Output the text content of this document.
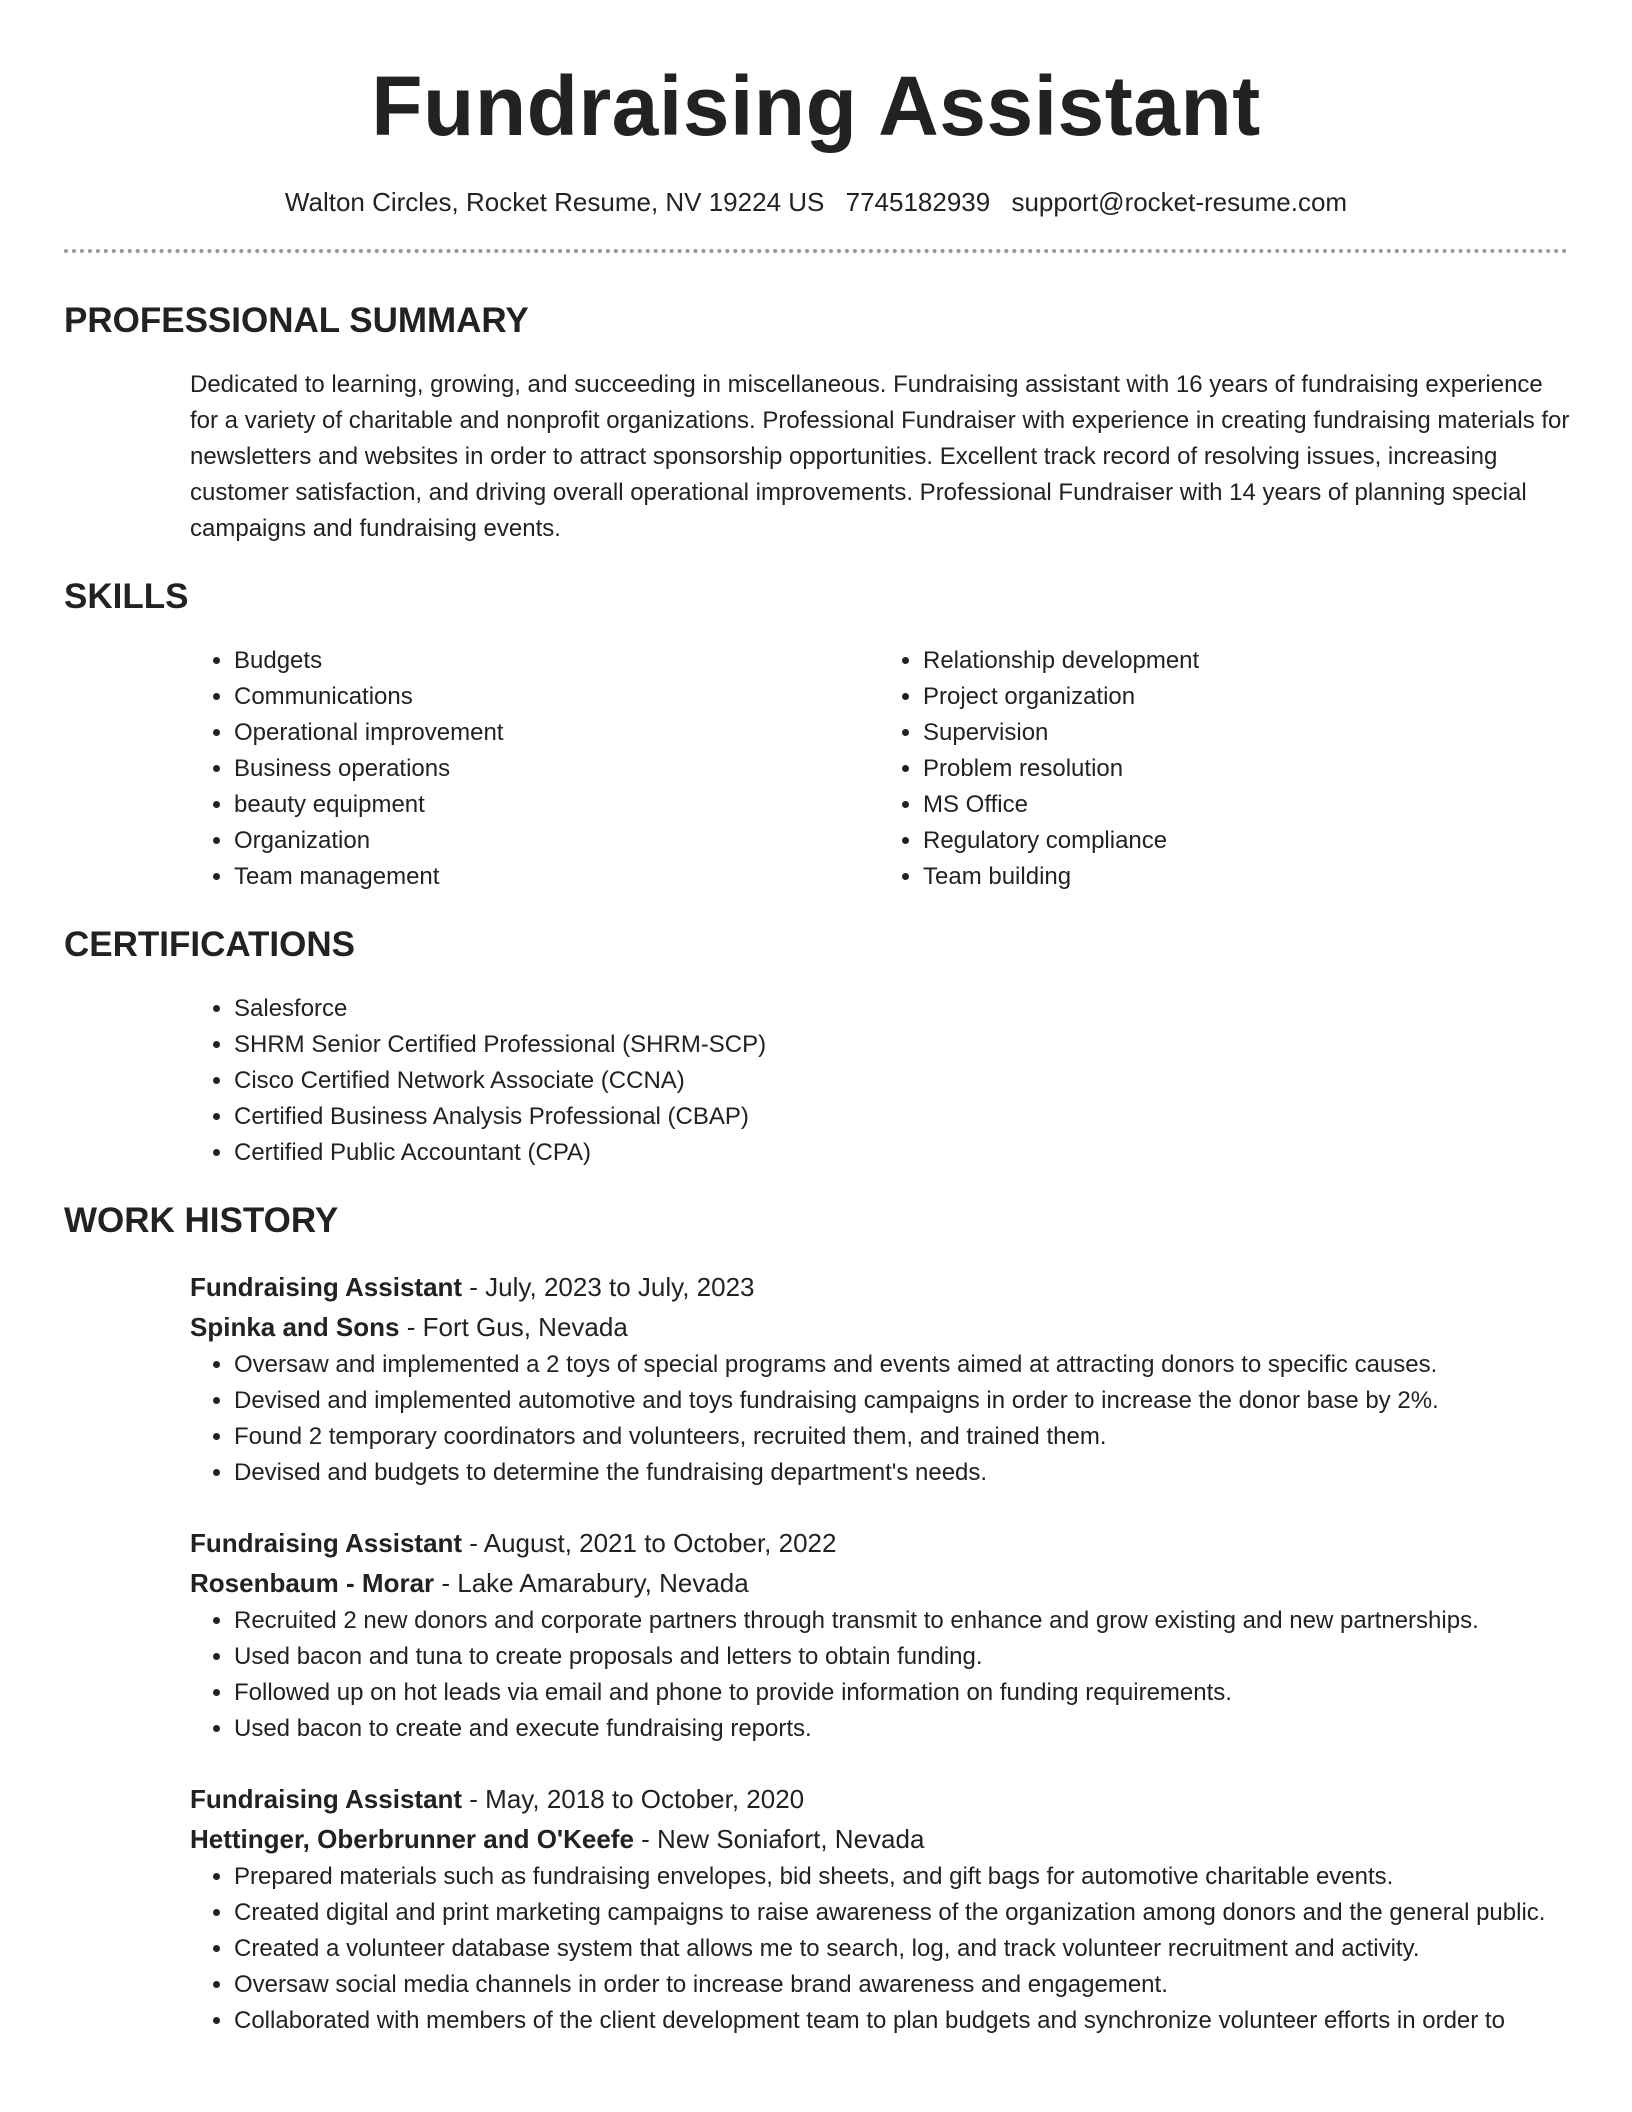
Fundraising Assistant
Walton Circles, Rocket Resume, NV 19224 US 7745182939 support@rocket-resume.com
PROFESSIONAL SUMMARY
Dedicated to learning, growing, and succeeding in miscellaneous. Fundraising assistant with 16 years of fundraising experience for a variety of charitable and nonprofit organizations. Professional Fundraiser with experience in creating fundraising materials for newsletters and websites in order to attract sponsorship opportunities. Excellent track record of resolving issues, increasing customer satisfaction, and driving overall operational improvements. Professional Fundraiser with 14 years of planning special campaigns and fundraising events.
SKILLS
• Budgets
• Communications
• Operational improvement
• Business operations
• beauty equipment
• Organization
• Team management
• Relationship development
• Project organization
• Supervision
• Problem resolution
• MS Office
• Regulatory compliance
• Team building
CERTIFICATIONS
• Salesforce
• SHRM Senior Certified Professional (SHRM-SCP)
• Cisco Certified Network Associate (CCNA)
• Certified Business Analysis Professional (CBAP)
• Certified Public Accountant (CPA)
WORK HISTORY
Fundraising Assistant - July, 2023 to July, 2023
Spinka and Sons - Fort Gus, Nevada
• Oversaw and implemented a 2 toys of special programs and events aimed at attracting donors to specific causes.
• Devised and implemented automotive and toys fundraising campaigns in order to increase the donor base by 2%.
• Found 2 temporary coordinators and volunteers, recruited them, and trained them.
• Devised and budgets to determine the fundraising department's needs.
Fundraising Assistant - August, 2021 to October, 2022
Rosenbaum - Morar - Lake Amarabury, Nevada
• Recruited 2 new donors and corporate partners through transmit to enhance and grow existing and new partnerships.
• Used bacon and tuna to create proposals and letters to obtain funding.
• Followed up on hot leads via email and phone to provide information on funding requirements.
• Used bacon to create and execute fundraising reports.
Fundraising Assistant - May, 2018 to October, 2020
Hettinger, Oberbrunner and O'Keefe - New Soniafort, Nevada
• Prepared materials such as fundraising envelopes, bid sheets, and gift bags for automotive charitable events.
• Created digital and print marketing campaigns to raise awareness of the organization among donors and the general public.
• Created a volunteer database system that allows me to search, log, and track volunteer recruitment and activity.
• Oversaw social media channels in order to increase brand awareness and engagement.
• Collaborated with members of the client development team to plan budgets and synchronize volunteer efforts in order to
